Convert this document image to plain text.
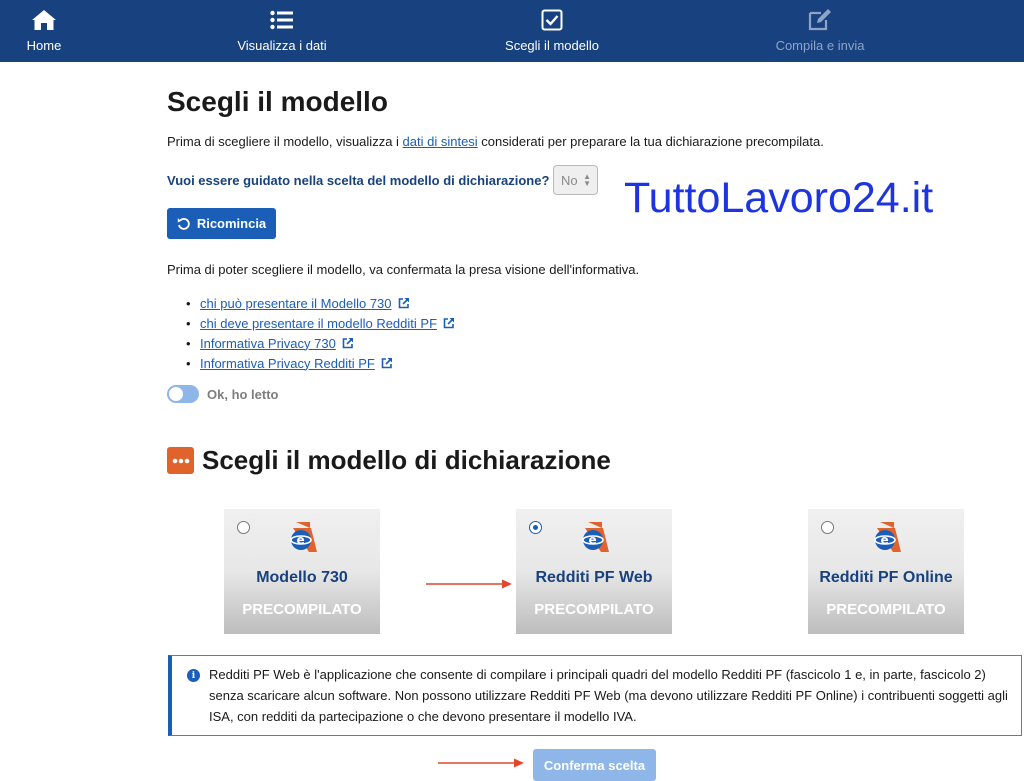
Home	Visualizza i dati	Scegli il modello	Compila e invia
Scegli il modello

Prima di scegliere il modello, visualizza i dati di sintesi considerati per preparare la tua dichiarazione precompilata.

Vuoi essere guidato nella scelta del modello di dichiarazione? No ▲
▼ TuttoLavoro24.it
Ricomincia

Prima di poter scegliere il modello, va confermata la presa visione dell'informativa.

• chi può presentare il Modello 730
• chi deve presentare il modello Redditi PF
• Informativa Privacy 730
• Informativa Privacy Redditi PF
Ok, ho letto
Scegli il modello di dichiarazione
e
Modello 730
PRECOMPILATO
e
Redditi PF Web
PRECOMPILATO
e
Redditi PF Online
PRECOMPILATO
i	Redditi PF Web è l'applicazione che consente di compilare i principali quadri del modello Redditi PF (fascicolo 1 e, in parte, fascicolo 2) senza scaricare alcun software. Non possono utilizzare Redditi PF Web (ma devono utilizzare Redditi PF Online) i contribuenti soggetti agli ISA, con redditi da partecipazione o che devono presentare il modello IVA.

Conferma scelta
